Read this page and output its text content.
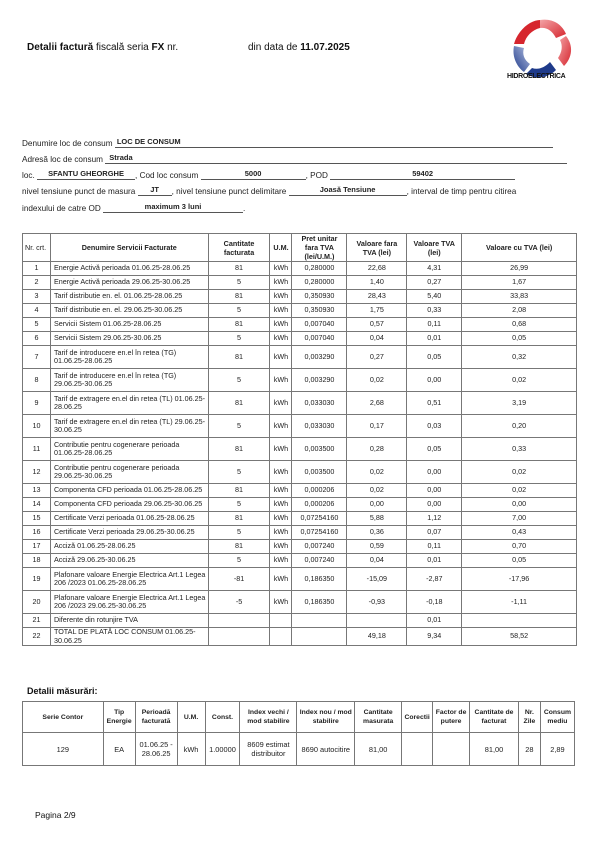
Detalii factură fiscală seria FX nr.	din data de 11.07.2025
HIDROELECTRICA
Denumire loc de consum LOC DE CONSUM
Adresă loc de consum Strada
loc. SFANTU GHEORGHE , Cod loc consum	5000	, POD	59402
nivel tensiune punct de masura JT , nivel tensiune punct delimitare	Joasă Tensiune	, interval de timp pentru citirea
indexului de catre OD	maximum 3 luni	.
Nr. crt.	Denumire Servicii Facturate	Cantitate facturata	U.M.	Pret unitar fara TVA (lei/U.M.)	Valoare fara TVA (lei)	Valoare TVA (lei)	Valoare cu TVA (lei)
1	Energie Activă perioada 01.06.25-28.06.25	81	kWh	0,280000	22,68	4,31	26,99
2	Energie Activă perioada 29.06.25-30.06.25	5	kWh	0,280000	1,40	0,27	1,67
3	Tarif distributie en. el. 01.06.25-28.06.25	81	kWh	0,350930	28,43	5,40	33,83
4	Tarif distributie en. el. 29.06.25-30.06.25	5	kWh	0,350930	1,75	0,33	2,08
5	Servicii Sistem 01.06.25-28.06.25	81	kWh	0,007040	0,57	0,11	0,68
6	Servicii Sistem 29.06.25-30.06.25	5	kWh	0,007040	0,04	0,01	0,05
7	Tarif de introducere en.el în retea (TG) 01.06.25-28.06.25	81	kWh	0,003290	0,27	0,05	0,32
8	Tarif de introducere en.el în retea (TG) 29.06.25-30.06.25	5	kWh	0,003290	0,02	0,00	0,02
9	Tarif de extragere en.el din retea (TL) 01.06.25-28.06.25	81	kWh	0,033030	2,68	0,51	3,19
10	Tarif de extragere en.el din retea (TL) 29.06.25-30.06.25	5	kWh	0,033030	0,17	0,03	0,20
11	Contributie pentru cogenerare perioada 01.06.25-28.06.25	81	kWh	0,003500	0,28	0,05	0,33
12	Contributie pentru cogenerare perioada 29.06.25-30.06.25	5	kWh	0,003500	0,02	0,00	0,02
13	Componenta CFD perioada 01.06.25-28.06.25	81	kWh	0,000206	0,02	0,00	0,02
14	Componenta CFD perioada 29.06.25-30.06.25	5	kWh	0,000206	0,00	0,00	0,00
15	Certificate Verzi perioada 01.06.25-28.06.25	81	kWh	0,07254160	5,88	1,12	7,00
16	Certificate Verzi perioada 29.06.25-30.06.25	5	kWh	0,07254160	0,36	0,07	0,43
17	Acciză 01.06.25-28.06.25	81	kWh	0,007240	0,59	0,11	0,70
18	Acciză 29.06.25-30.06.25	5	kWh	0,007240	0,04	0,01	0,05
19	Plafonare valoare Energie Electrica Art.1 Legea 206 /2023 01.06.25-28.06.25	-81	kWh	0,186350	-15,09	-2,87	-17,96
20	Plafonare valoare Energie Electrica Art.1 Legea 206 /2023 29.06.25-30.06.25	-5	kWh	0,186350	-0,93	-0,18	-1,11
21	Diferente din rotunjire TVA					0,01	
22	TOTAL DE PLATĂ LOC CONSUM 01.06.25-30.06.25				49,18	9,34	58,52
Detalii măsurări:
Serie Contor	Tip Energie	Perioadă facturată	U.M.	Const.	Index vechi / mod stabilire	Index nou / mod stabilire	Cantitate masurata	Corectii	Factor de putere	Cantitate de facturat	Nr. Zile	Consum mediu
129	EA	01.06.25 - 28.06.25	kWh	1.00000	8609 estimat distribuitor	8690 autocitire	81,00			81,00	28	2,89
Pagina 2/9
